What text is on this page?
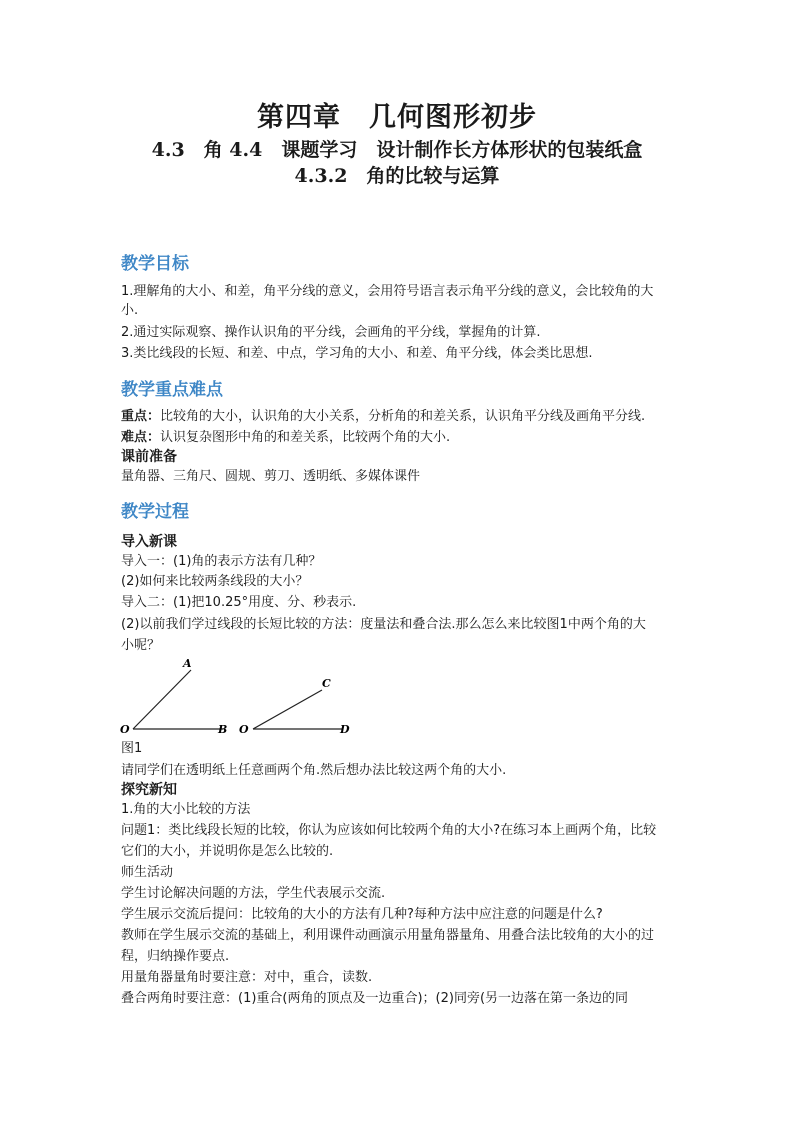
第四章　几何图形初步
4.3　角 4.4　课题学习　设计制作长方体形状的包装纸盒
4.3.2　角的比较与运算
教学目标
1.理解角的大小、和差，角平分线的意义，会用符号语言表示角平分线的意义，会比较角的大
小.
2.通过实际观察、操作认识角的平分线，会画角的平分线，掌握角的计算.
3.类比线段的长短、和差、中点，学习角的大小、和差、角平分线，体会类比思想.
教学重点难点
重点：比较角的大小，认识角的大小关系，分析角的和差关系，认识角平分线及画角平分线.
难点：认识复杂图形中角的和差关系，比较两个角的大小.
课前准备
量角器、三角尺、圆规、剪刀、透明纸、多媒体课件
教学过程
导入新课
导入一：(1)角的表示方法有几种？
(2)如何来比较两条线段的大小？
导入二：(1)把10.25°用度、分、秒表示.
(2)以前我们学过线段的长短比较的方法：度量法和叠合法.那么怎么来比较图1中两个角的大
小呢？
A
O	B
C
O	D
图1
请同学们在透明纸上任意画两个角.然后想办法比较这两个角的大小.
探究新知
1.角的大小比较的方法
问题1：类比线段长短的比较，你认为应该如何比较两个角的大小?在练习本上画两个角，比较
它们的大小，并说明你是怎么比较的.
师生活动
学生讨论解决问题的方法，学生代表展示交流.
学生展示交流后提问：比较角的大小的方法有几种?每种方法中应注意的问题是什么?
教师在学生展示交流的基础上，利用课件动画演示用量角器量角、用叠合法比较角的大小的过
程，归纳操作要点.
用量角器量角时要注意：对中，重合，读数.
叠合两角时要注意：(1)重合(两角的顶点及一边重合)；(2)同旁(另一边落在第一条边的同
